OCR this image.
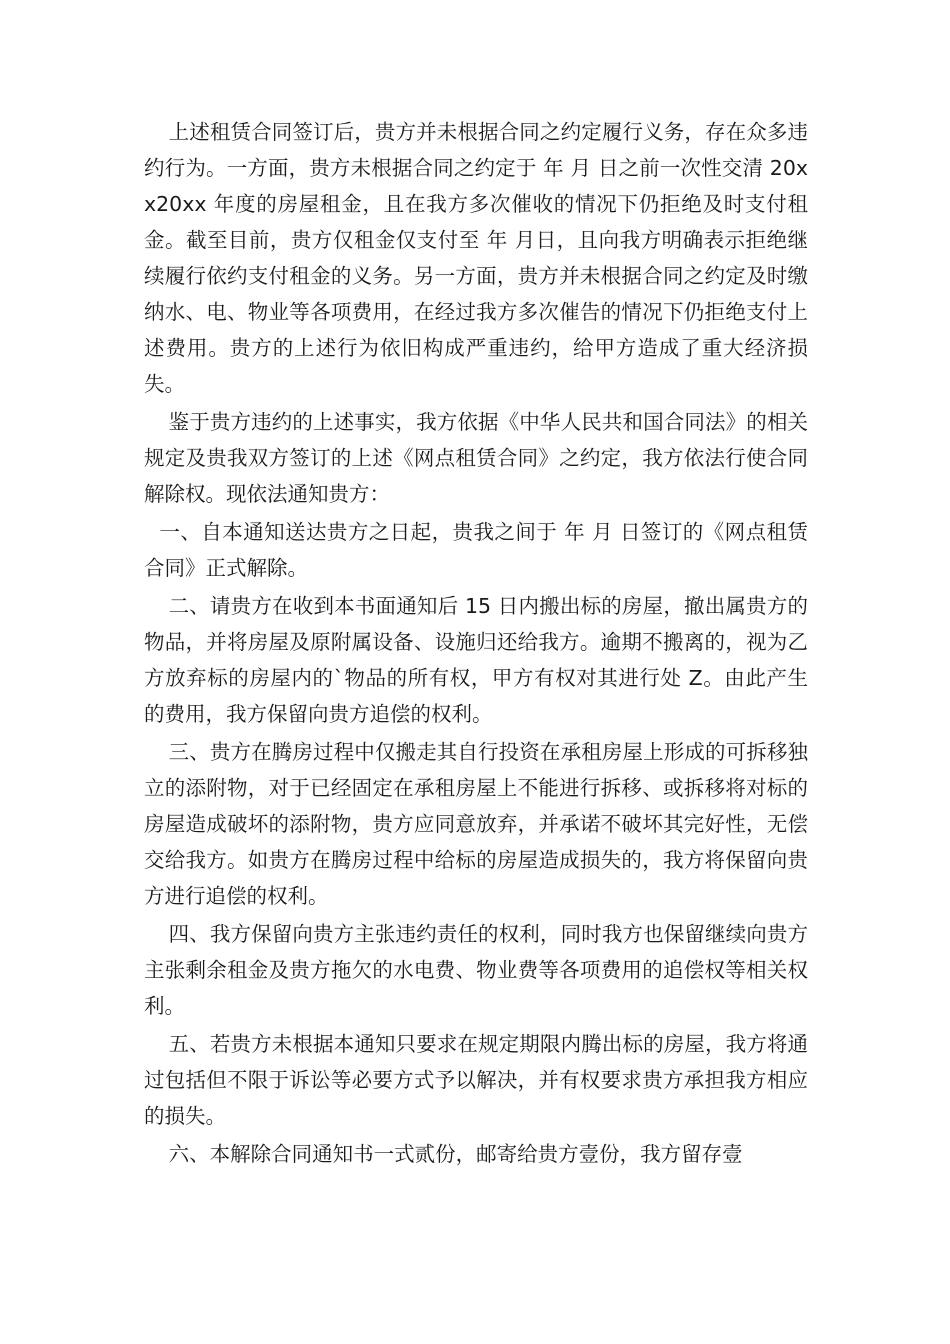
上述租赁合同签订后，贵方并未根据合同之约定履行义务，存在众多违约行为。一方面，贵方未根据合同之约定于 年 月 日之前一次性交清 20xx20xx 年度的房屋租金，且在我方多次催收的情况下仍拒绝及时支付租金。截至目前，贵方仅租金仅支付至 年 月日，且向我方明确表示拒绝继续履行依约支付租金的义务。另一方面，贵方并未根据合同之约定及时缴纳水、电、物业等各项费用，在经过我方多次催告的情况下仍拒绝支付上述费用。贵方的上述行为依旧构成严重违约，给甲方造成了重大经济损失。

鉴于贵方违约的上述事实，我方依据《中华人民共和国合同法》的相关规定及贵我双方签订的上述《网点租赁合同》之约定，我方依法行使合同解除权。现依法通知贵方：

一、自本通知送达贵方之日起，贵我之间于 年 月 日签订的《网点租赁合同》正式解除。

二、请贵方在收到本书面通知后 15 日内搬出标的房屋，撤出属贵方的物品，并将房屋及原附属设备、设施归还给我方。逾期不搬离的，视为乙方放弃标的房屋内的`物品的所有权，甲方有权对其进行处 Z。由此产生的费用，我方保留向贵方追偿的权利。

三、贵方在腾房过程中仅搬走其自行投资在承租房屋上形成的可拆移独立的添附物，对于已经固定在承租房屋上不能进行拆移、或拆移将对标的房屋造成破坏的添附物，贵方应同意放弃，并承诺不破坏其完好性，无偿交给我方。如贵方在腾房过程中给标的房屋造成损失的，我方将保留向贵方进行追偿的权利。

四、我方保留向贵方主张违约责任的权利，同时我方也保留继续向贵方主张剩余租金及贵方拖欠的水电费、物业费等各项费用的追偿权等相关权利。

五、若贵方未根据本通知只要求在规定期限内腾出标的房屋，我方将通过包括但不限于诉讼等必要方式予以解决，并有权要求贵方承担我方相应的损失。

六、本解除合同通知书一式贰份，邮寄给贵方壹份，我方留存壹
